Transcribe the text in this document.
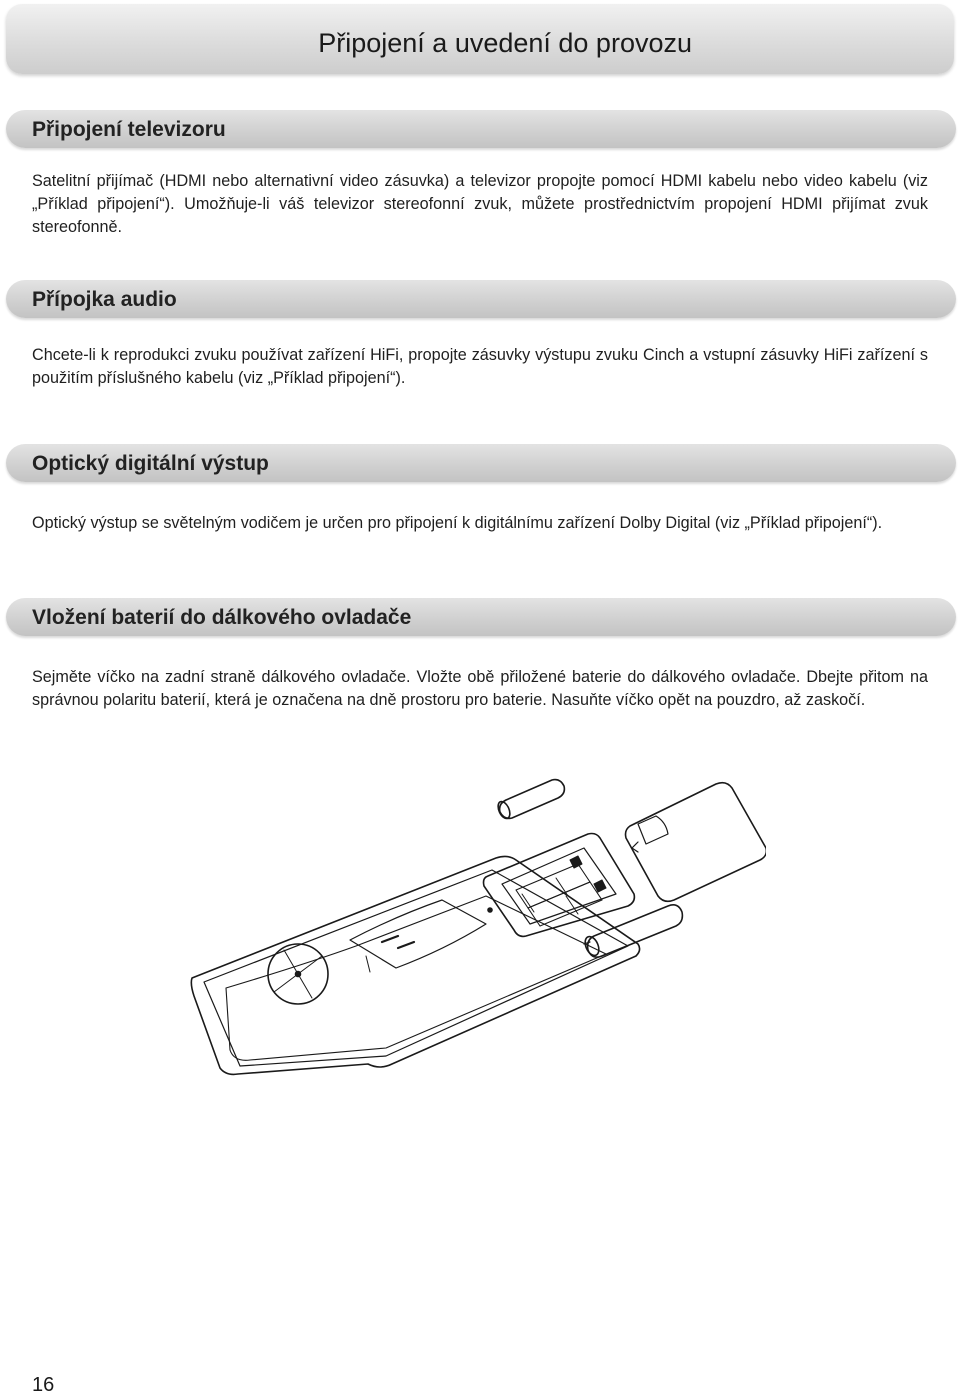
Připojení a uvedení do provozu
Připojení televizoru

Satelitní přijímač (HDMI nebo alternativní video zásuvka) a televizor propojte pomocí HDMI kabelu nebo video kabelu (viz „Příklad připojení“). Umožňuje-li váš televizor stereofonní zvuk, můžete prostřednictvím propojení HDMI přijímat zvuk stereofonně.

Přípojka audio

Chcete-li k reprodukci zvuku používat zařízení HiFi, propojte zásuvky výstupu zvuku Cinch a vstupní zásuvky HiFi zařízení s použitím příslušného kabelu (viz „Příklad připojení“).

Optický digitální výstup

Optický výstup se světelným vodičem je určen pro připojení k digitálnímu zařízení Dolby Digital (viz „Příklad připojení“).

Vložení baterií do dálkového ovladače

Sejměte víčko na zadní straně dálkového ovladače. Vložte obě přiložené baterie do dálkového ovladače. Dbejte přitom na správnou polaritu baterií, která je označena na dně prostoru pro baterie. Nasuňte víčko opět na pouzdro, až zaskočí.

16
